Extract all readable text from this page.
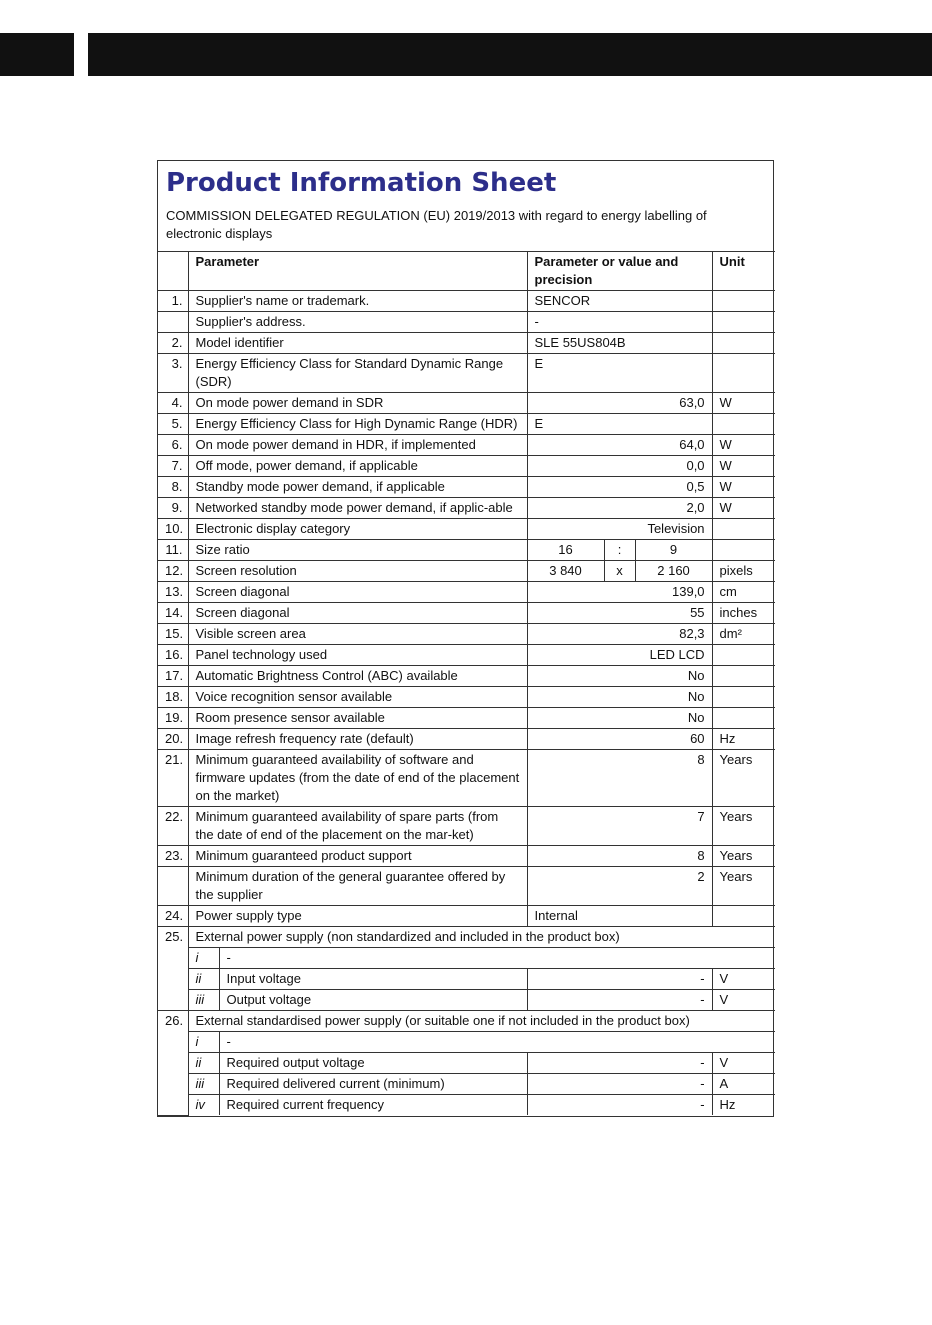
Product Information Sheet

COMMISSION DELEGATED REGULATION (EU) 2019/2013 with regard to energy labelling of electronic displays

	Parameter		Parameter or value and precision			Unit
1.	Supplier's name or trademark.		SENCOR			
	Supplier's address.		-			
2.	Model identifier		SLE 55US804B			
3.	Energy Efficiency Class for Standard Dynamic Range (SDR)		E			
4.	On mode power demand in SDR		63,0			W
5.	Energy Efficiency Class for High Dynamic Range (HDR)		E			
6.	On mode power demand in HDR, if implemented		64,0			W
7.	Off mode, power demand, if applicable		0,0			W
8.	Standby mode power demand, if applicable		0,5			W
9.	Networked standby mode power demand, if applic-able		2,0			W
10.	Electronic display category		Television			
11.	Size ratio		16	:	9	
12.	Screen resolution		3 840	x	2 160	pixels
13.	Screen diagonal		139,0			cm
14.	Screen diagonal		55			inches
15.	Visible screen area		82,3			dm²
16.	Panel technology used		LED LCD			
17.	Automatic Brightness Control (ABC) available		No			
18.	Voice recognition sensor available		No			
19.	Room presence sensor available		No			
20.	Image refresh frequency rate (default)		60			Hz
21.	Minimum guaranteed availability of software and firmware updates (from the date of end of the placement on the market)		8			Years
22.	Minimum guaranteed availability of spare parts (from the date of end of the placement on the mar-ket)		7			Years
23.	Minimum guaranteed product support		8			Years
	Minimum duration of the general guarantee offered by the supplier		2			Years
24.	Power supply type		Internal			
25.	External power supply (non standardized and included in the product box)					
	i	-				
	ii	Input voltage	-			V
	iii	Output voltage	-			V
26.	External standardised power supply (or suitable one if not included in the product box)					
	i	-				
	ii	Required output voltage	-			V
	iii	Required delivered current (minimum)	-			A
	iv	Required current frequency	-			Hz
